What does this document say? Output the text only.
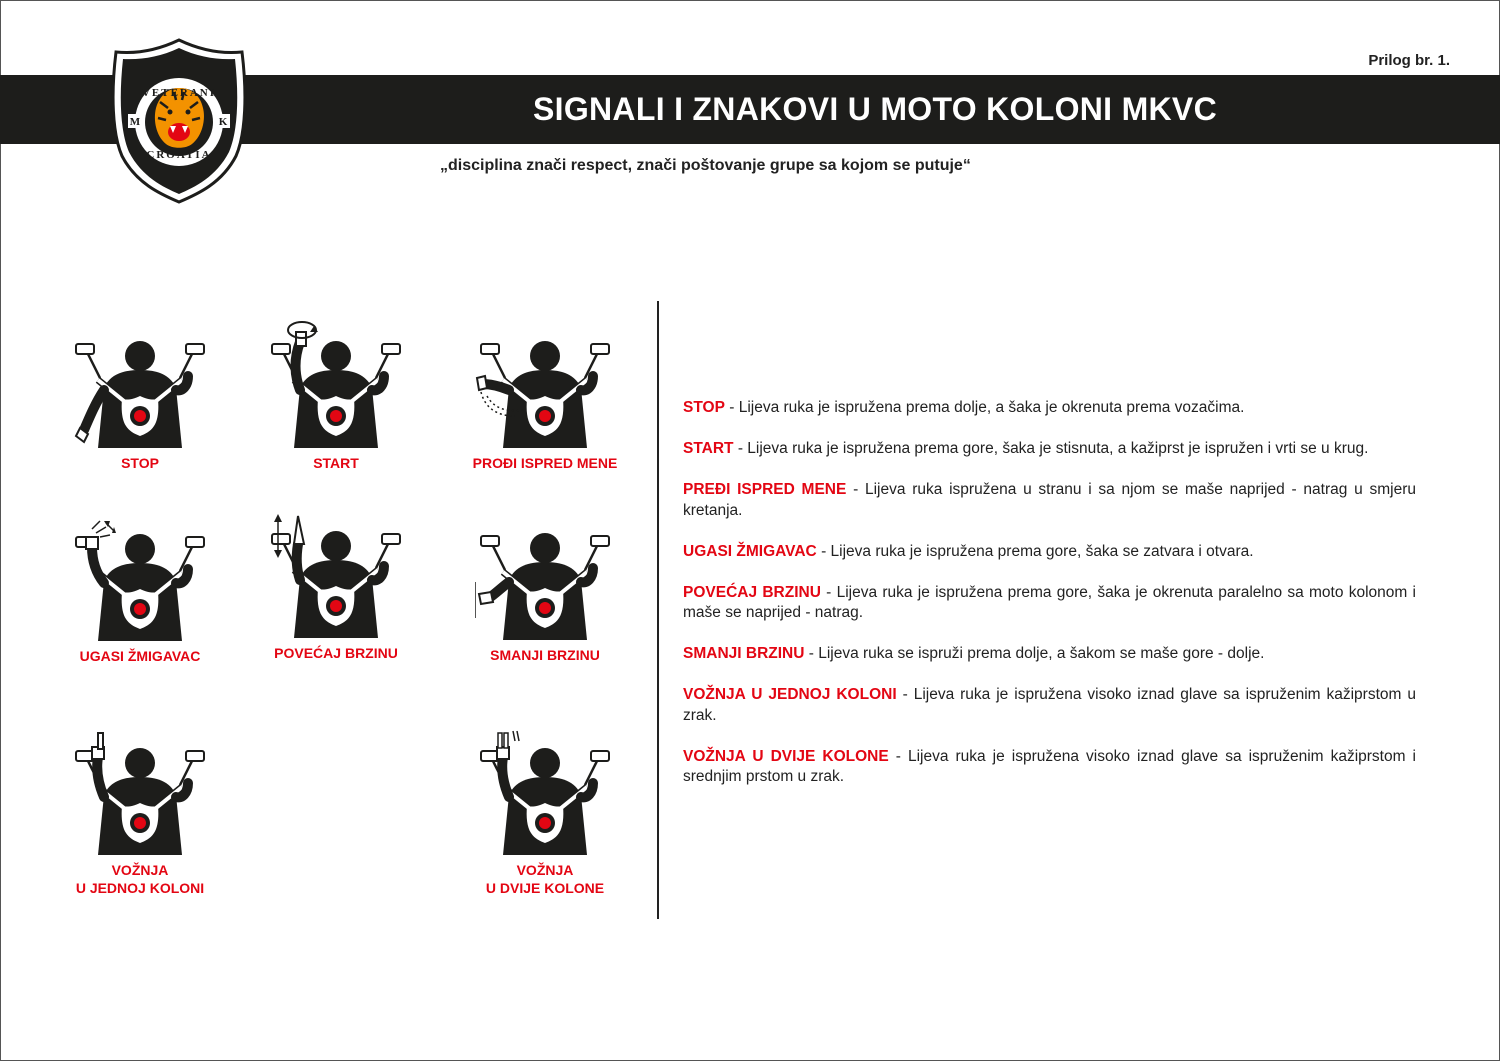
Prilog br. 1.
SIGNALI I ZNAKOVI U MOTO KOLONI MKVC
„disciplina znači respect, znači poštovanje grupe sa kojom se putuje“
VETERANI
CROATIA
M	K
STOP	START	PROĐI ISPRED MENE
UGASI ŽMIGAVAC	POVEĆAJ BRZINU	SMANJI BRZINU
VOŽNJA
U JEDNOJ KOLONI
VOŽNJA
U DVIJE KOLONE

STOP - Lijeva ruka je ispružena prema dolje, a šaka je okrenuta prema vozačima.

START - Lijeva ruka je ispružena prema gore, šaka je stisnuta, a kažiprst je ispružen i vrti se u krug.

PREĐI ISPRED MENE - Lijeva ruka ispružena u stranu i sa njom se maše naprijed - natrag u smjeru kretanja.

UGASI ŽMIGAVAC - Lijeva ruka je ispružena prema gore, šaka se zatvara i otvara.

POVEĆAJ BRZINU - Lijeva ruka je ispružena prema gore, šaka je okrenuta paralelno sa moto kolonom i maše se naprijed - natrag.

SMANJI BRZINU - Lijeva ruka se ispruži prema dolje, a šakom se maše gore - dolje.

VOŽNJA U JEDNOJ KOLONI - Lijeva ruka je ispružena visoko iznad glave sa ispruženim kažiprstom u zrak.

VOŽNJA U DVIJE KOLONE - Lijeva ruka je ispružena visoko iznad glave sa ispruženim kažiprstom i srednjim prstom u zrak.
